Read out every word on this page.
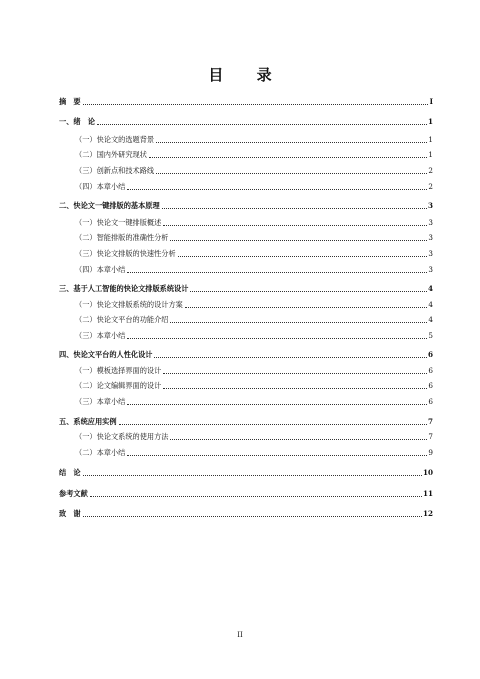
目 录
摘　要	I
一、绪　论	1
（一）快论文的选题背景	1
（二）国内外研究现状	1
（三）创新点和技术路线	2
（四）本章小结	2
二、快论文一键排版的基本原理	3
（一）快论文一键排版概述	3
（二）智能排版的准确性分析	3
（三）快论文排版的快速性分析	3
（四）本章小结	3
三、基于人工智能的快论文排版系统设计	4
（一）快论文排版系统的设计方案	4
（二）快论文平台的功能介绍	4
（三）本章小结	5
四、快论文平台的人性化设计	6
（一）模板选择界面的设计	6
（二）论文编辑界面的设计	6
（三）本章小结	6
五、系统应用实例	7
（一）快论文系统的使用方法	7
（二）本章小结	9
结　论	10
参考文献	11
致　谢	12
II
